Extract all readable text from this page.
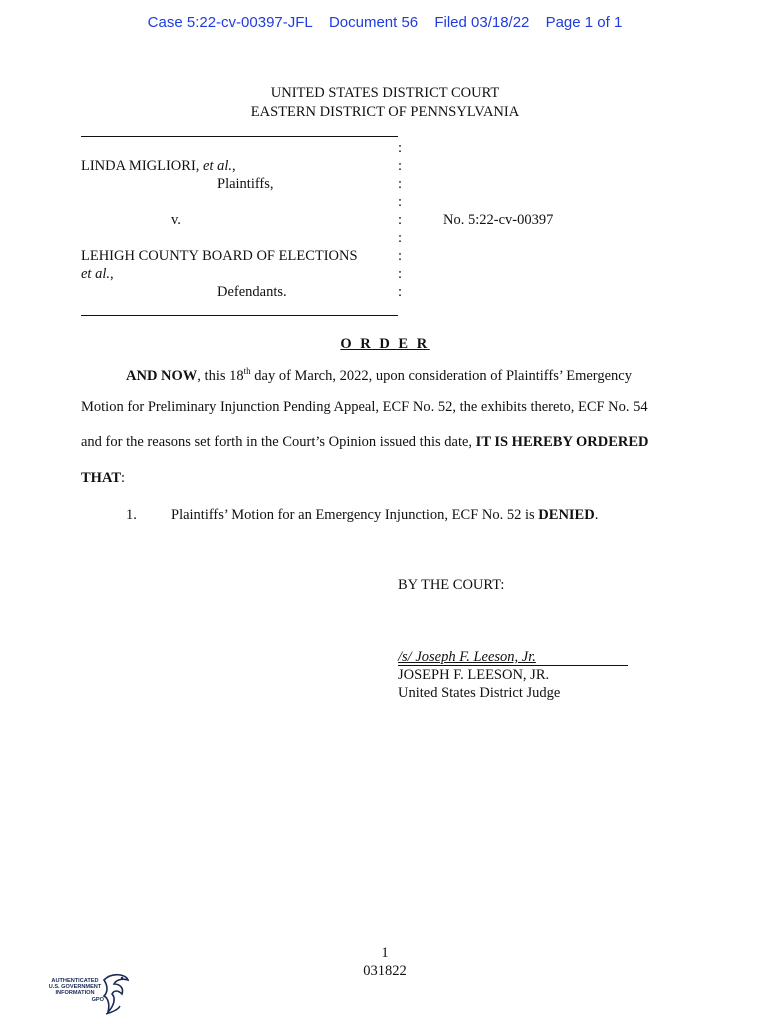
Case 5:22-cv-00397-JFL Document 56 Filed 03/18/22 Page 1 of 1
UNITED STATES DISTRICT COURT
EASTERN DISTRICT OF PENNSYLVANIA
:
:
:
:
:
:
:
:
:
LINDA MIGLIORI, et al.,
Plaintiffs,
v.	No. 5:22-cv-00397
LEHIGH COUNTY BOARD OF ELECTIONS
et al.,
Defendants.
O R D E R
AND NOW, this 18th day of March, 2022, upon consideration of Plaintiffs’ Emergency
Motion for Preliminary Injunction Pending Appeal, ECF No. 52, the exhibits thereto, ECF No. 54
and for the reasons set forth in the Court’s Opinion issued this date, IT IS HEREBY ORDERED
THAT:
1. Plaintiffs’ Motion for an Emergency Injunction, ECF No. 52 is DENIED.
BY THE COURT:
/s/ Joseph F. Leeson, Jr.
JOSEPH F. LEESON, JR.
United States District Judge
1
031822
AUTHENTICATED
U.S. GOVERNMENT
INFORMATION
GPO
